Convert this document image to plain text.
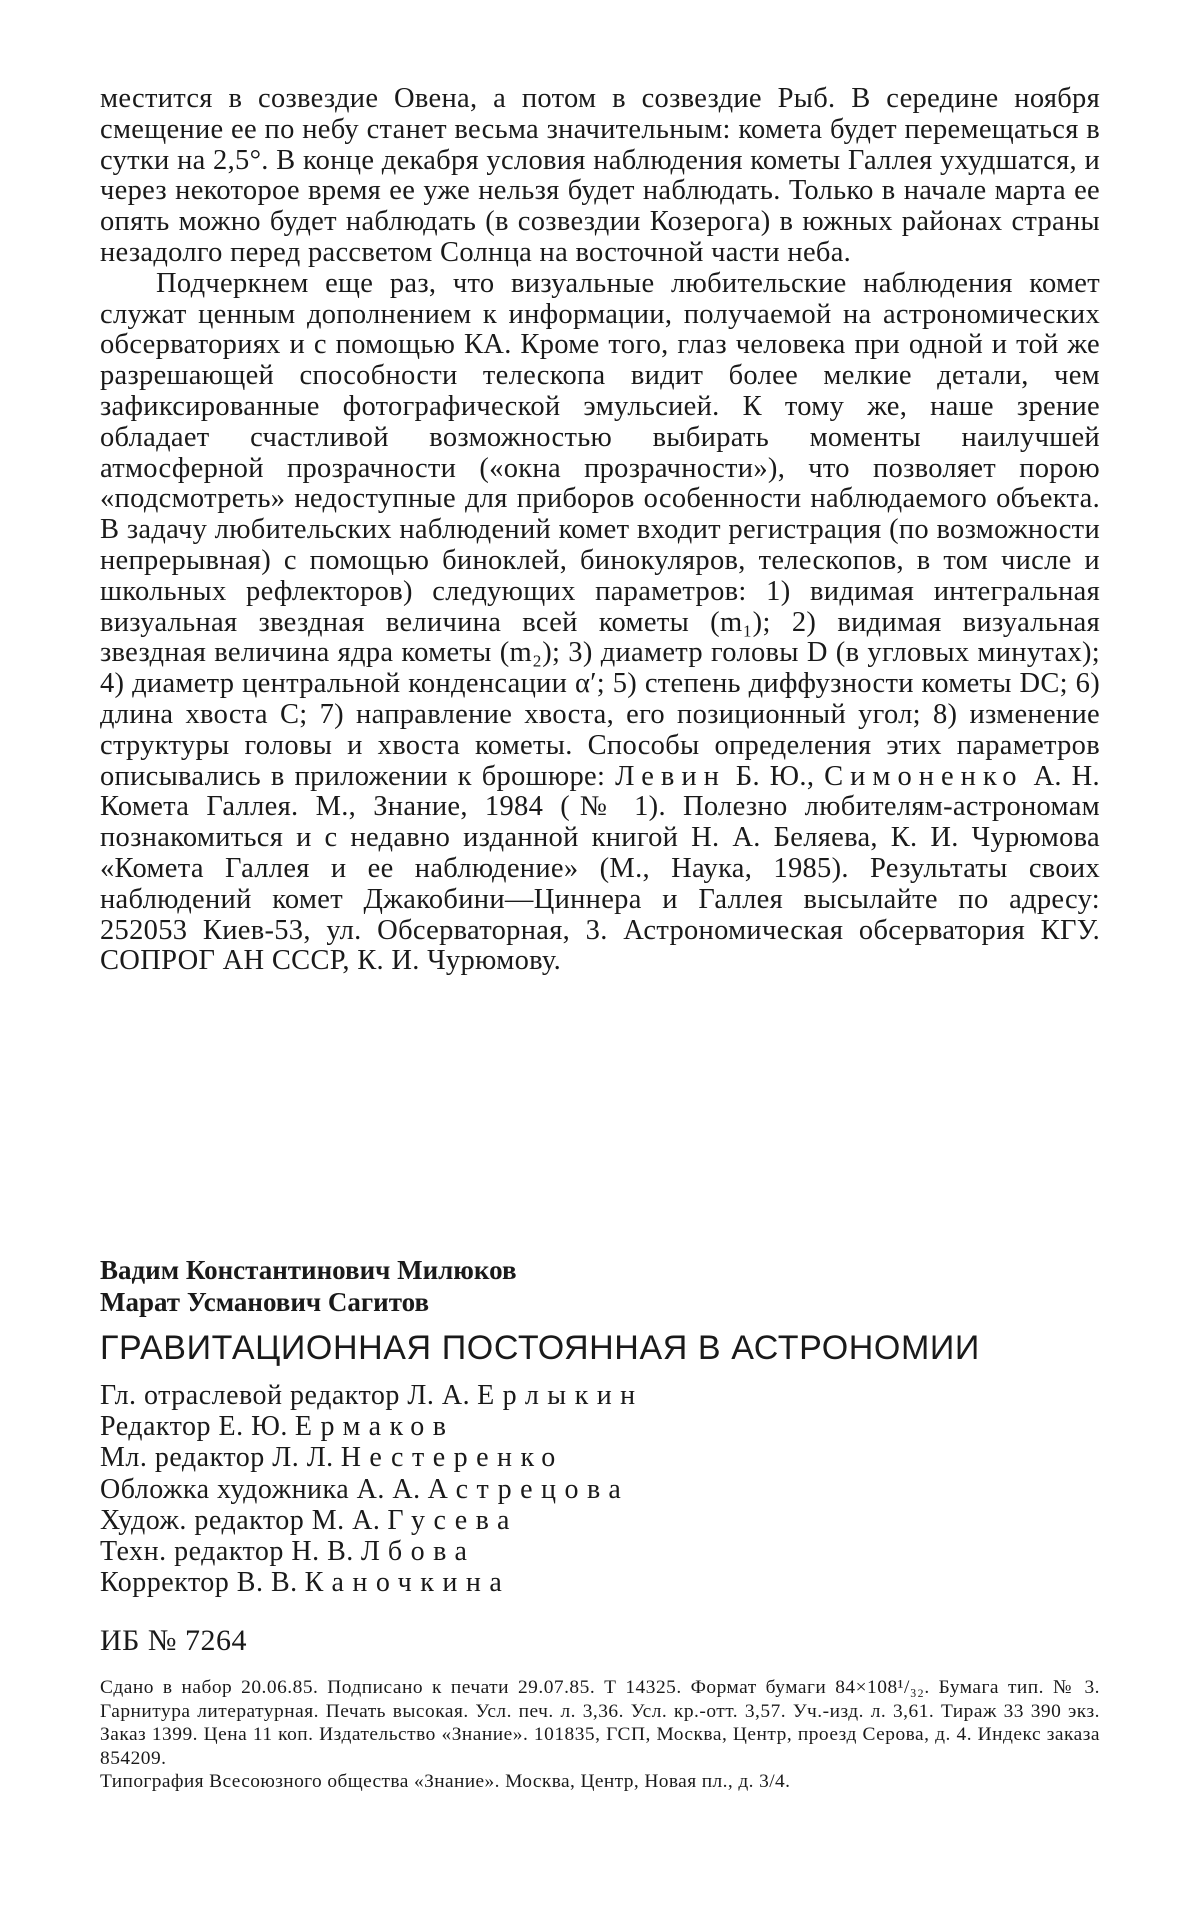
местится в созвездие Овена, а потом в созвездие Рыб. В середине ноября смещение ее по небу станет весьма значительным: комета будет перемещаться в сутки на 2,5°. В конце декабря условия наблюдения кометы Галлея ухудшатся, и через некоторое время ее уже нельзя будет наблюдать. Только в начале марта ее опять можно будет наблюдать (в созвездии Козерога) в южных районах страны незадолго перед рассветом Солнца на восточной части неба.

Подчеркнем еще раз, что визуальные любительские наблюдения комет служат ценным дополнением к информации, получаемой на астрономических обсерваториях и с помощью КА. Кроме того, глаз человека при одной и той же разрешающей способности телескопа видит более мелкие детали, чем зафиксированные фотографической эмульсией. К тому же, наше зрение обладает счастливой возможностью выбирать моменты наилучшей атмосферной прозрачности («окна прозрачности»), что позволяет порою «подсмотреть» недоступные для приборов особенности наблюдаемого объекта. В задачу любительских наблюдений комет входит регистрация (по возможности непрерывная) с помощью биноклей, бинокуляров, телескопов, в том числе и школьных рефлекторов) следующих параметров: 1) видимая интегральная визуальная звездная величина всей кометы (m₁); 2) видимая визуальная звездная величина ядра кометы (m₂); 3) диаметр головы D (в угловых минутах); 4) диаметр центральной конденсации α′; 5) степень диффузности кометы DC; 6) длина хвоста C; 7) направление хвоста, его позиционный угол; 8) изменение структуры головы и хвоста кометы. Способы определения этих параметров описывались в приложении к брошюре: Левин Б. Ю., Симоненко А. Н. Комета Галлея. М., Знание, 1984 (№ 1). Полезно любителям-астрономам познакомиться и с недавно изданной книгой Н. А. Беляева, К. И. Чурюмова «Комета Галлея и ее наблюдение» (М., Наука, 1985). Результаты своих наблюдений комет Джакобини—Циннера и Галлея высылайте по адресу: 252053 Киев-53, ул. Обсерваторная, 3. Астрономическая обсерватория КГУ. СОПРОГ АН СССР, К. И. Чурюмову.

Вадим Константинович Милюков

Марат Усманович Сагитов

ГРАВИТАЦИОННАЯ ПОСТОЯННАЯ В АСТРОНОМИИ
Гл. отраслевой редактор Л. А. Ерлыкин
Редактор Е. Ю. Ермаков
Мл. редактор Л. Л. Нестеренко
Обложка художника А. А. Астрецова
Худож. редактор М. А. Гусева
Техн. редактор Н. В. Лбова
Корректор В. В. Каночкина
ИБ № 7264

Сдано в набор 20.06.85. Подписано к печати 29.07.85. Т 14325. Формат бумаги 84×108¹/₃₂. Бумага тип. № 3. Гарнитура литературная. Печать высокая. Усл. печ. л. 3,36. Усл. кр.-отт. 3,57. Уч.-изд. л. 3,61. Тираж 33 390 экз. Заказ 1399. Цена 11 коп. Издательство «Знание». 101835, ГСП, Москва, Центр, проезд Серова, д. 4. Индекс заказа 854209.

Типография Всесоюзного общества «Знание». Москва, Центр, Новая пл., д. 3/4.
